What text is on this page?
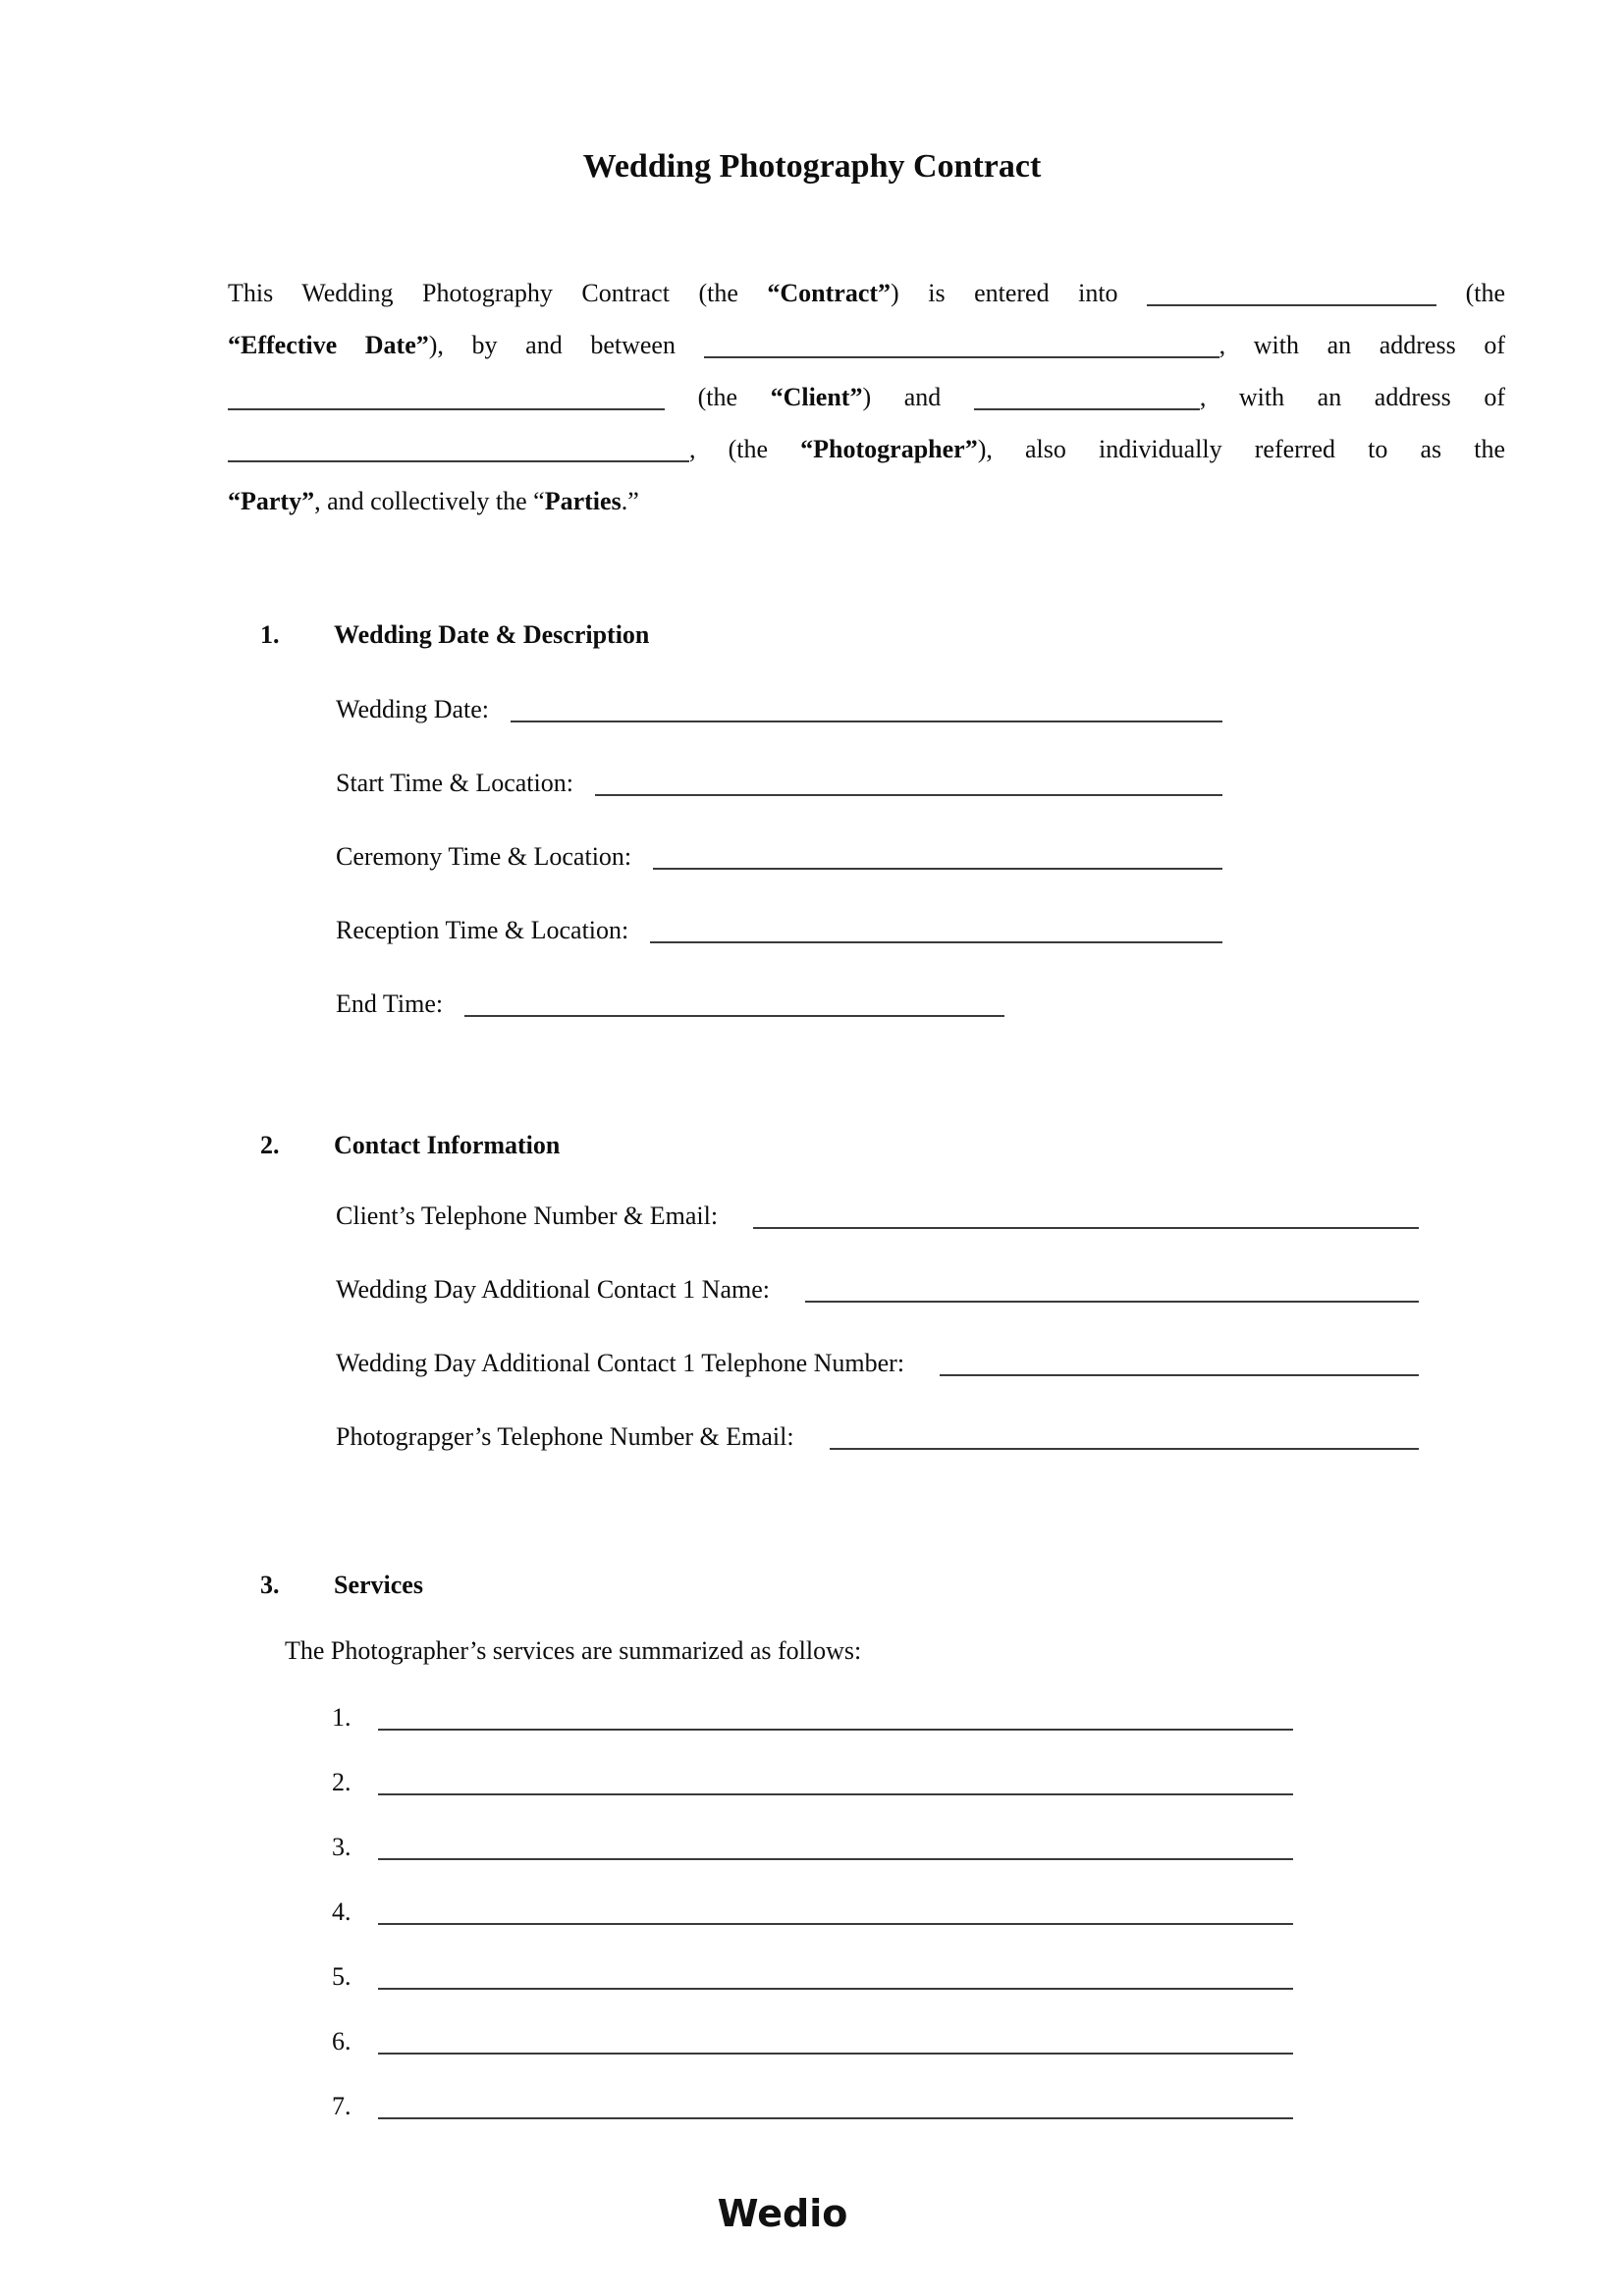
Wedding Photography Contract
This Wedding Photography Contract (the “Contract”) is entered into	(the
“Effective Date”), by and between	, with an address of
(the “Client”) and	, with an address of
, (the “Photographer”), also individually referred to as the
“Party”, and collectively the “Parties.”
1.	Wedding Date & Description
Wedding Date:
Start Time & Location:
Ceremony Time & Location:
Reception Time & Location:
End Time:
2.	Contact Information
Client’s Telephone Number & Email:
Wedding Day Additional Contact 1 Name:
Wedding Day Additional Contact 1 Telephone Number:
Photograpger’s Telephone Number & Email:
3.	Services
The Photographer’s services are summarized as follows:
1.
2.
3.
4.
5.
6.
7.
Wedio
